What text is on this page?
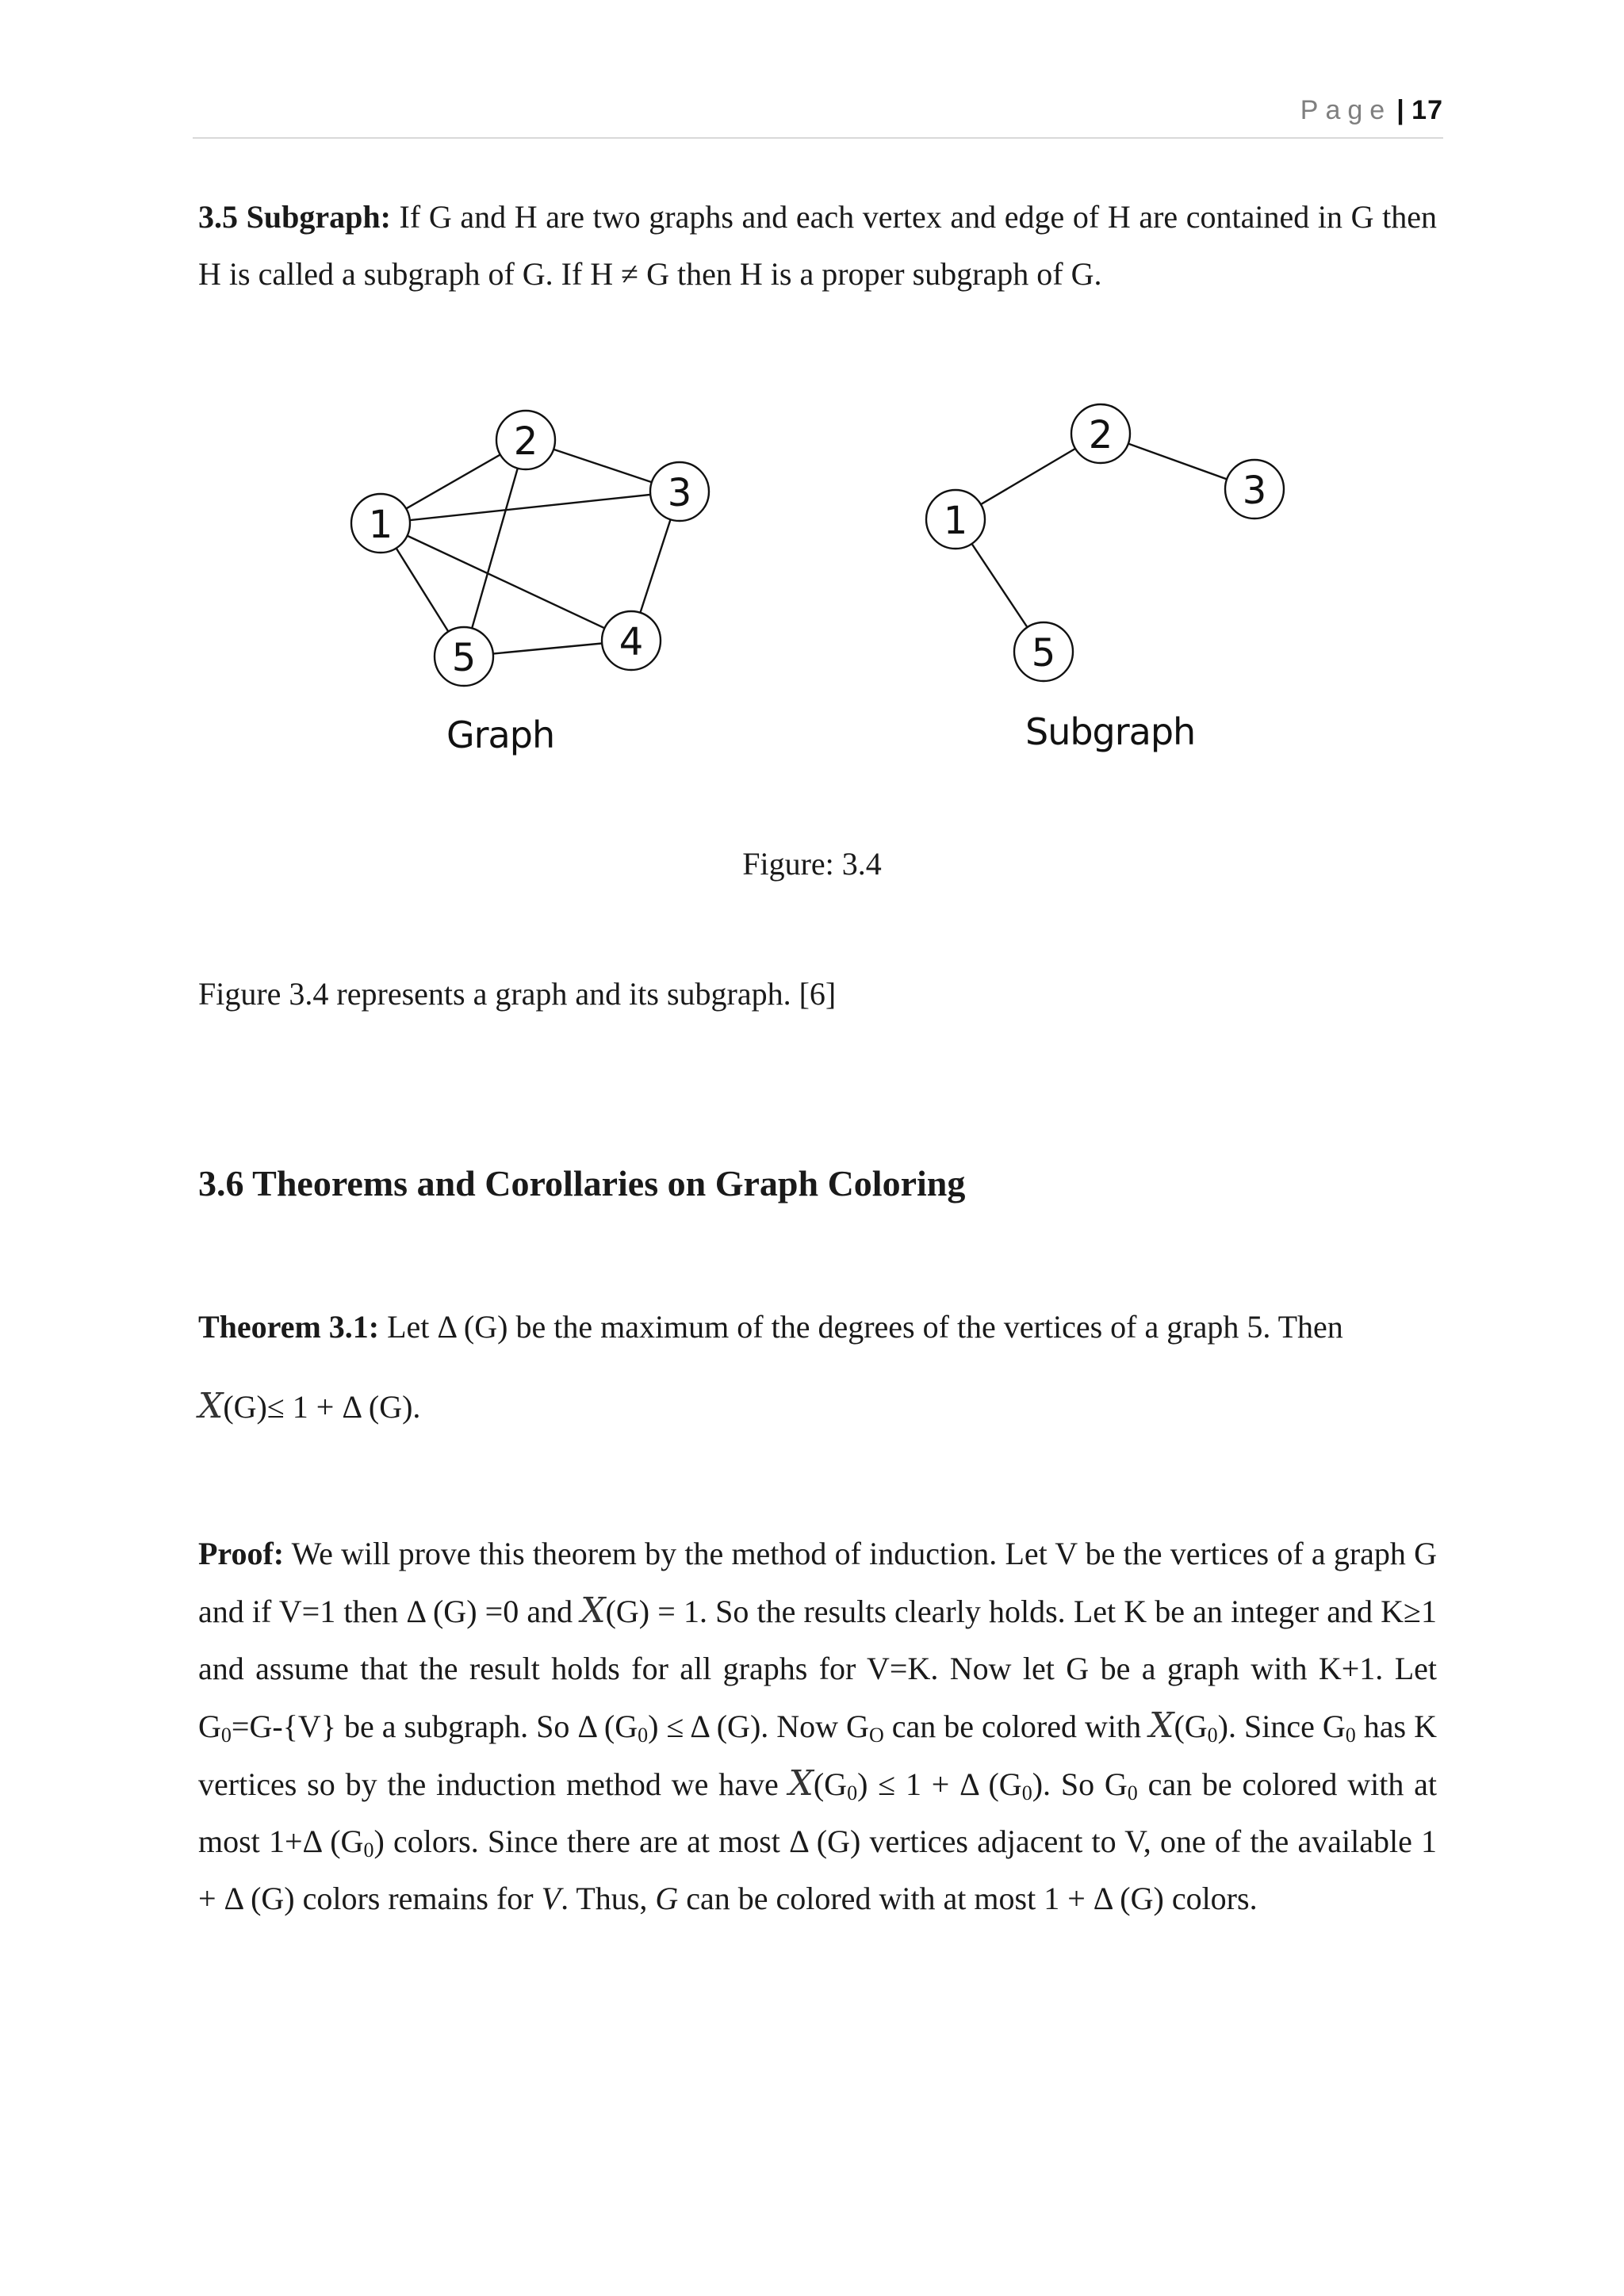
Page | 17
3.5 Subgraph: If G and H are two graphs and each vertex and edge of H are contained in G then H is called a subgraph of G. If H ≠ G then H is a proper subgraph of G.
1
2
3
4
5
Graph
1
2
3
5
Subgraph
Figure: 3.4
Figure 3.4 represents a graph and its subgraph. [6]
3.6 Theorems and Corollaries on Graph Coloring
Theorem 3.1: Let Δ (G) be the maximum of the degrees of the vertices of a graph 5. Then
X(G)≤ 1 + Δ (G).
Proof: We will prove this theorem by the method of induction. Let V be the vertices of a graph G and if V=1 then Δ (G) =0 and X(G) = 1. So the results clearly holds. Let K be an integer and K≥1 and assume that the result holds for all graphs for V=K. Now let G be a graph with K+1. Let $G_0=G-\{V\}$ be a subgraph. So Δ $(G_0) \le \Delta$ (G). Now $G_O$ can be colored with $X(G_0)$. Since $G_0$ has K vertices so by the induction method we have $X(G_0) \le 1 + \Delta$ $(G_0)$. So $G_0$ can be colored with at most 1+Δ $(G_0)$ colors. Since there are at most Δ (G) vertices adjacent to V, one of the available 1 + Δ (G) colors remains for V. Thus, G can be colored with at most 1 + Δ (G) colors.
